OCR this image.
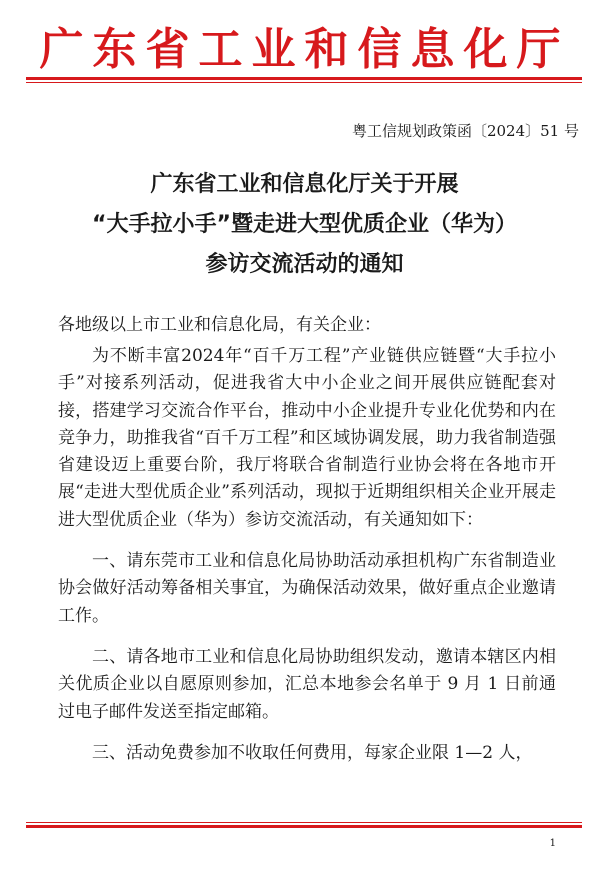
广东省工业和信息化厅
粤工信规划政策函〔2024〕51 号
广东省工业和信息化厅关于开展
“大手拉小手”暨走进大型优质企业（华为）
参访交流活动的通知
各地级以上市工业和信息化局，有关企业：

为不断丰富2024年“百千万工程”产业链供应链暨“大手拉小手”对接系列活动，促进我省大中小企业之间开展供应链配套对接，搭建学习交流合作平台，推动中小企业提升专业化优势和内在竞争力，助推我省“百千万工程”和区域协调发展，助力我省制造强省建设迈上重要台阶，我厅将联合省制造行业协会将在各地市开展“走进大型优质企业”系列活动，现拟于近期组织相关企业开展走进大型优质企业（华为）参访交流活动，有关通知如下：

一、请东莞市工业和信息化局协助活动承担机构广东省制造业协会做好活动筹备相关事宜，为确保活动效果，做好重点企业邀请工作。

二、请各地市工业和信息化局协助组织发动，邀请本辖区内相关优质企业以自愿原则参加，汇总本地参会名单于 9 月 1 日前通过电子邮件发送至指定邮箱。

三、活动免费参加不收取任何费用，每家企业限 1—2 人，

1
